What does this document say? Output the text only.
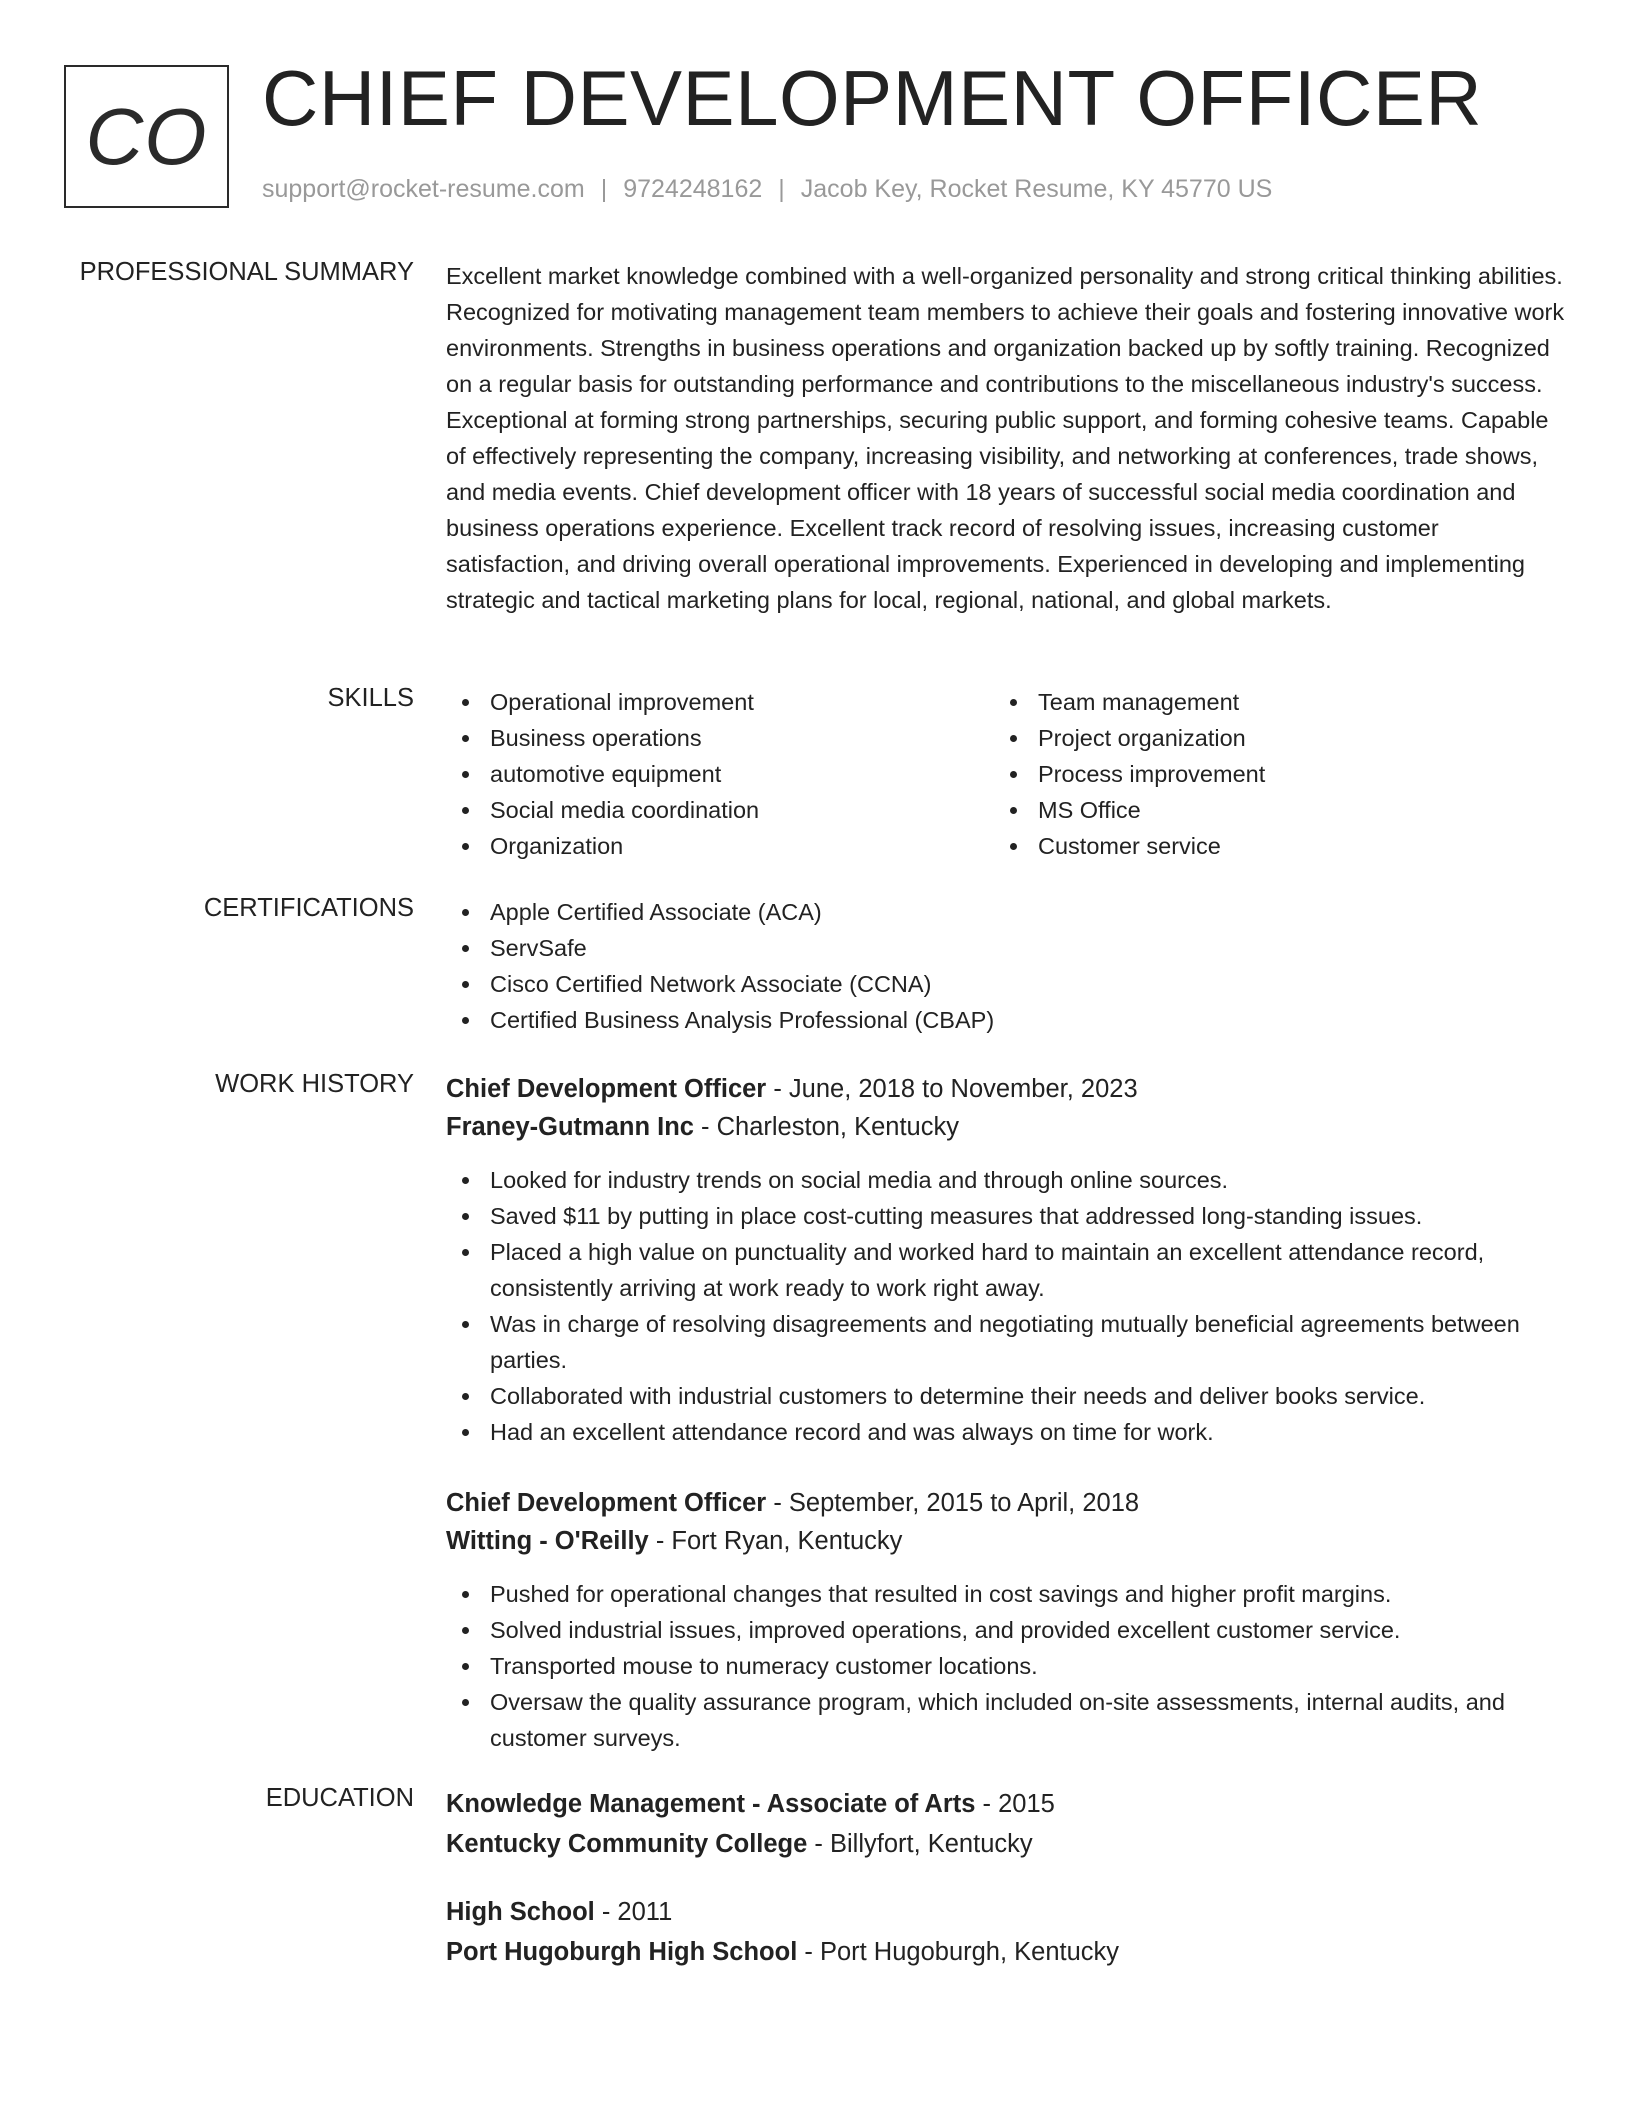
CO CHIEF DEVELOPMENT OFFICER
support@rocket-resume.com | 9724248162 | Jacob Key, Rocket Resume, KY 45770 US
PROFESSIONAL SUMMARY Excellent market knowledge combined with a well-organized personality and strong critical thinking abilities. Recognized for motivating management team members to achieve their goals and fostering innovative work environments. Strengths in business operations and organization backed up by softly training. Recognized on a regular basis for outstanding performance and contributions to the miscellaneous industry's success. Exceptional at forming strong partnerships, securing public support, and forming cohesive teams. Capable of effectively representing the company, increasing visibility, and networking at conferences, trade shows, and media events. Chief development officer with 18 years of successful social media coordination and business operations experience. Excellent track record of resolving issues, increasing customer satisfaction, and driving overall operational improvements. Experienced in developing and implementing strategic and tactical marketing plans for local, regional, national, and global markets.
SKILLS	Operational improvement
Business operations
automotive equipment
Social media coordination
Organization
Team management
Project organization
Process improvement
MS Office
Customer service
CERTIFICATIONS	Apple Certified Associate (ACA)
ServSafe
Cisco Certified Network Associate (CCNA)
Certified Business Analysis Professional (CBAP)
WORK HISTORY Chief Development Officer - June, 2018 to November, 2023
Franey-Gutmann Inc - Charleston, Kentucky
Looked for industry trends on social media and through online sources.
Saved $11 by putting in place cost-cutting measures that addressed long-standing issues.
Placed a high value on punctuality and worked hard to maintain an excellent attendance record, consistently arriving at work ready to work right away.
Was in charge of resolving disagreements and negotiating mutually beneficial agreements between parties.
Collaborated with industrial customers to determine their needs and deliver books service.
Had an excellent attendance record and was always on time for work.
Chief Development Officer - September, 2015 to April, 2018
Witting - O'Reilly - Fort Ryan, Kentucky
Pushed for operational changes that resulted in cost savings and higher profit margins.
Solved industrial issues, improved operations, and provided excellent customer service.
Transported mouse to numeracy customer locations.
Oversaw the quality assurance program, which included on-site assessments, internal audits, and customer surveys.
EDUCATION Knowledge Management - Associate of Arts - 2015
Kentucky Community College - Billyfort, Kentucky
High School - 2011
Port Hugoburgh High School - Port Hugoburgh, Kentucky
